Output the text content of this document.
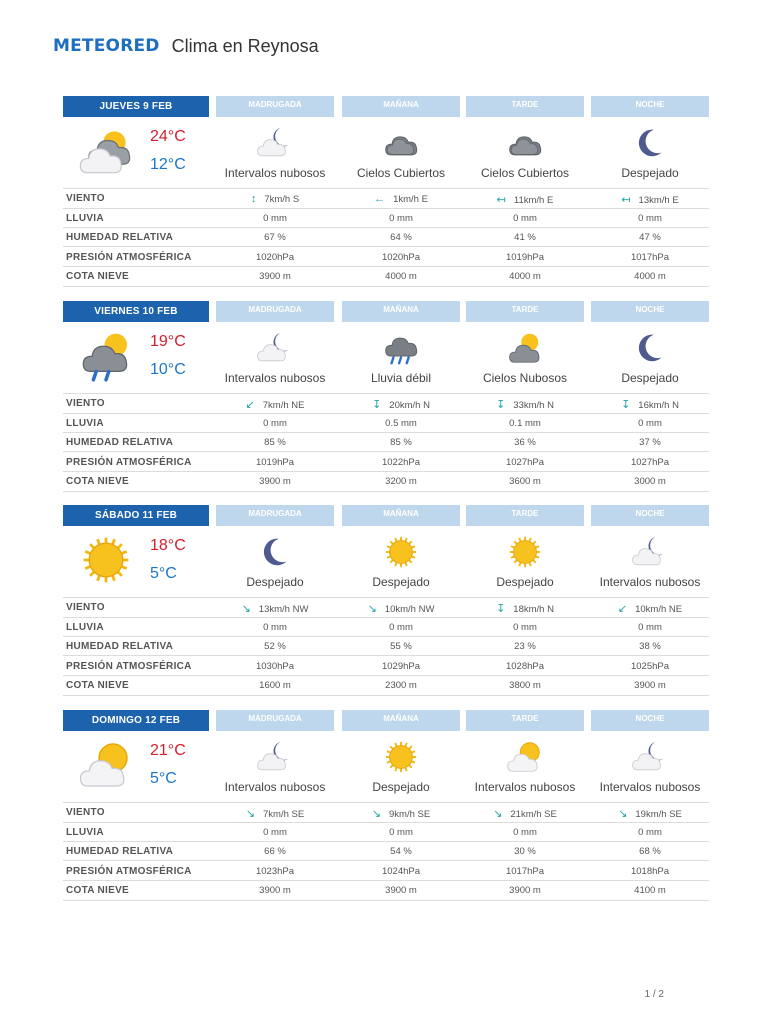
METEORED Clima en Reynosa
JUEVES 9 FEB	MADRUGADA	MAÑANA	TARDE	NOCHE
24°C
12°C	Intervalos nubosos	Cielos Cubiertos	Cielos Cubiertos	Despejado
VIENTO	↕ 7km/h S	← 1km/h E	↤ 11km/h E	↤ 13km/h E
LLUVIA	0 mm	0 mm	0 mm	0 mm
HUMEDAD RELATIVA	67 %	64 %	41 %	47 %
PRESIÓN ATMOSFÉRICA	1020hPa	1020hPa	1019hPa	1017hPa
COTA NIEVE	3900 m	4000 m	4000 m	4000 m
VIERNES 10 FEB	MADRUGADA	MAÑANA	TARDE	NOCHE
19°C
10°C	Intervalos nubosos	Lluvia débil	Cielos Nubosos	Despejado
VIENTO	↙ 7km/h NE	↧ 20km/h N	↧ 33km/h N	↧ 16km/h N
LLUVIA	0 mm	0.5 mm	0.1 mm	0 mm
HUMEDAD RELATIVA	85 %	85 %	36 %	37 %
PRESIÓN ATMOSFÉRICA	1019hPa	1022hPa	1027hPa	1027hPa
COTA NIEVE	3900 m	3200 m	3600 m	3000 m
SÁBADO 11 FEB	MADRUGADA	MAÑANA	TARDE	NOCHE
18°C
5°C	Despejado	Despejado	Despejado	Intervalos nubosos
VIENTO	↘ 13km/h NW	↘ 10km/h NW	↧ 18km/h N	↙ 10km/h NE
LLUVIA	0 mm	0 mm	0 mm	0 mm
HUMEDAD RELATIVA	52 %	55 %	23 %	38 %
PRESIÓN ATMOSFÉRICA	1030hPa	1029hPa	1028hPa	1025hPa
COTA NIEVE	1600 m	2300 m	3800 m	3900 m
DOMINGO 12 FEB	MADRUGADA	MAÑANA	TARDE	NOCHE
21°C
5°C	Intervalos nubosos	Despejado	Intervalos nubosos	Intervalos nubosos
VIENTO	↘ 7km/h SE	↘ 9km/h SE	↘ 21km/h SE	↘ 19km/h SE
LLUVIA	0 mm	0 mm	0 mm	0 mm
HUMEDAD RELATIVA	66 %	54 %	30 %	68 %
PRESIÓN ATMOSFÉRICA	1023hPa	1024hPa	1017hPa	1018hPa
COTA NIEVE	3900 m	3900 m	3900 m	4100 m
1 / 2
